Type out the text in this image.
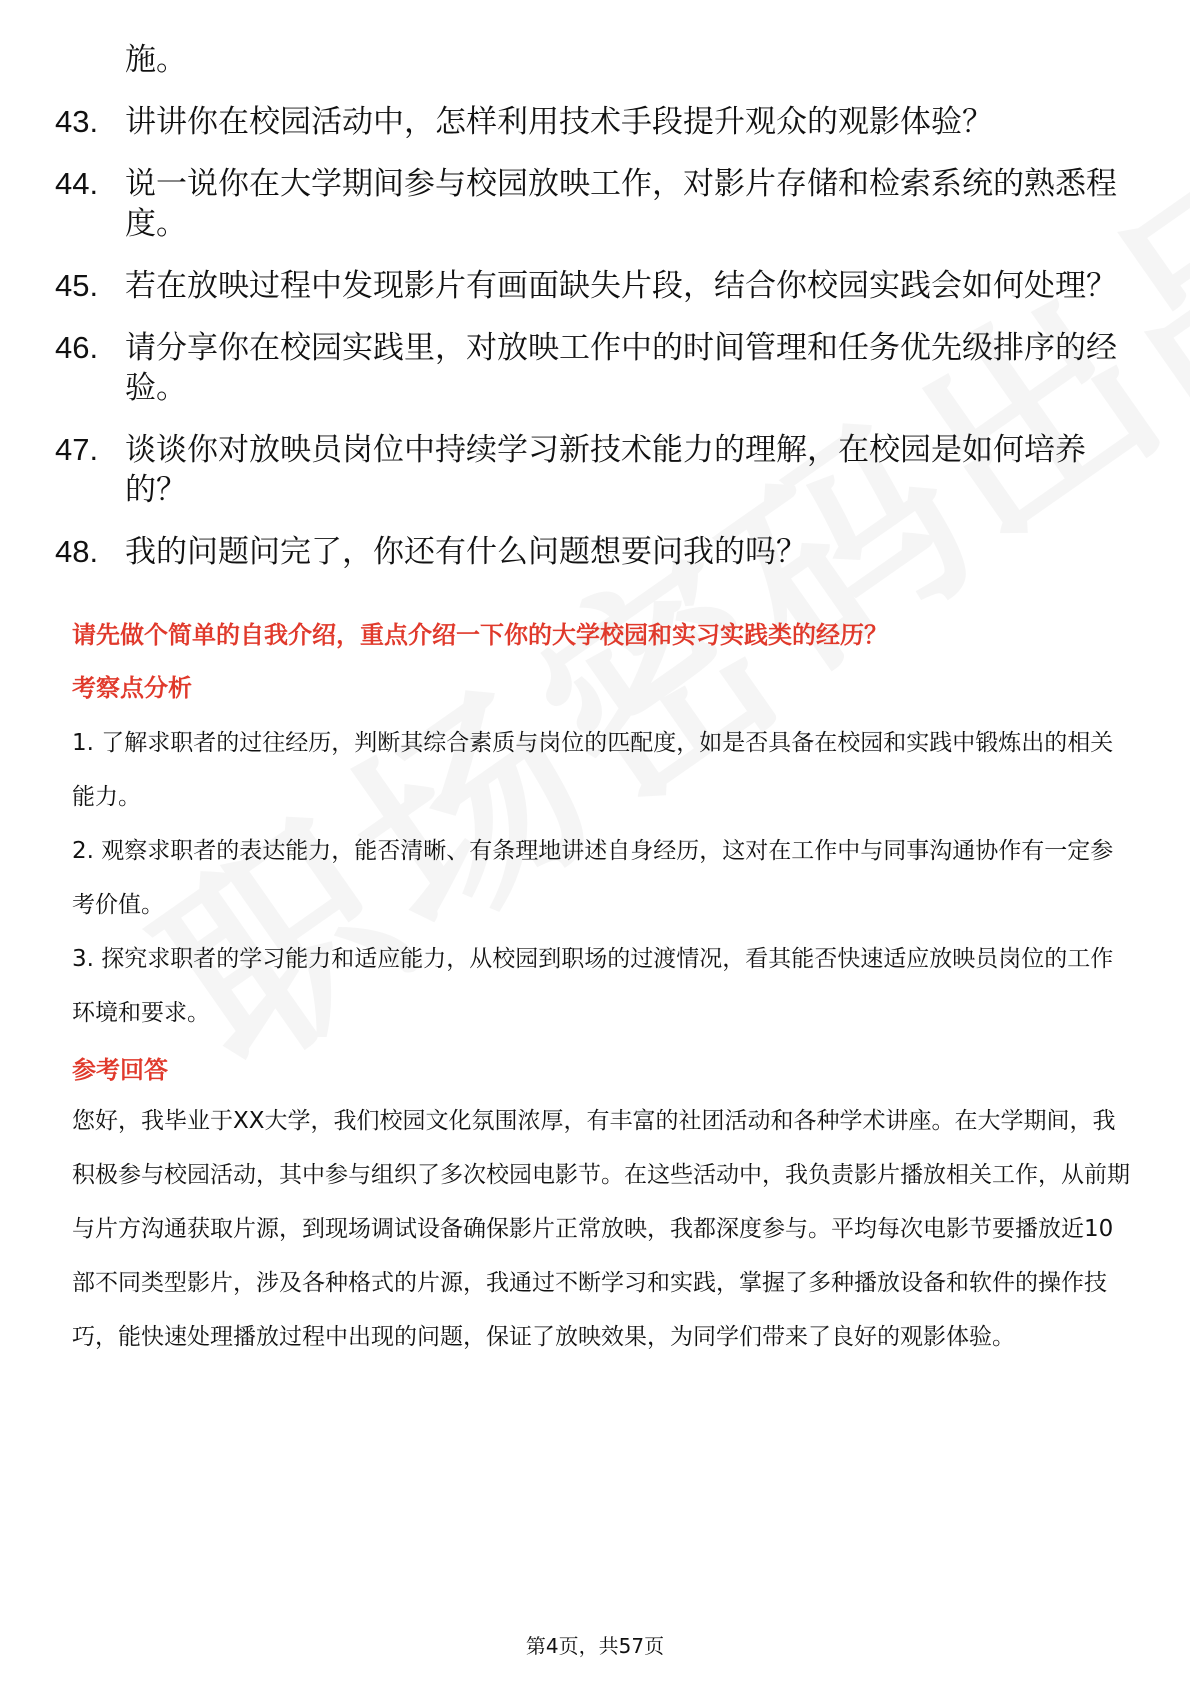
施。
43. 讲讲你在校园活动中，怎样利用技术手段提升观众的观影体验？
44. 说一说你在大学期间参与校园放映工作，对影片存储和检索系统的熟悉程度。
45. 若在放映过程中发现影片有画面缺失片段，结合你校园实践会如何处理？
46. 请分享你在校园实践里，对放映工作中的时间管理和任务优先级排序的经验。
47. 谈谈你对放映员岗位中持续学习新技术能力的理解，在校园是如何培养的？
48. 我的问题问完了，你还有什么问题想要问我的吗？
请先做个简单的自我介绍，重点介绍一下你的大学校园和实习实践类的经历？
考察点分析

1. 了解求职者的过往经历，判断其综合素质与岗位的匹配度，如是否具备在校园和实践中锻炼出的相关能力。

2. 观察求职者的表达能力，能否清晰、有条理地讲述自身经历，这对在工作中与同事沟通协作有一定参考价值。

3. 探究求职者的学习能力和适应能力，从校园到职场的过渡情况，看其能否快速适应放映员岗位的工作环境和要求。

参考回答

您好，我毕业于XX大学，我们校园文化氛围浓厚，有丰富的社团活动和各种学术讲座。在大学期间，我积极参与校园活动，其中参与组织了多次校园电影节。在这些活动中，我负责影片播放相关工作，从前期与片方沟通获取片源，到现场调试设备确保影片正常放映，我都深度参与。平均每次电影节要播放近10部不同类型影片，涉及各种格式的片源，我通过不断学习和实践，掌握了多种播放设备和软件的操作技巧，能快速处理播放过程中出现的问题，保证了放映效果，为同学们带来了良好的观影体验。

第4页，共57页
